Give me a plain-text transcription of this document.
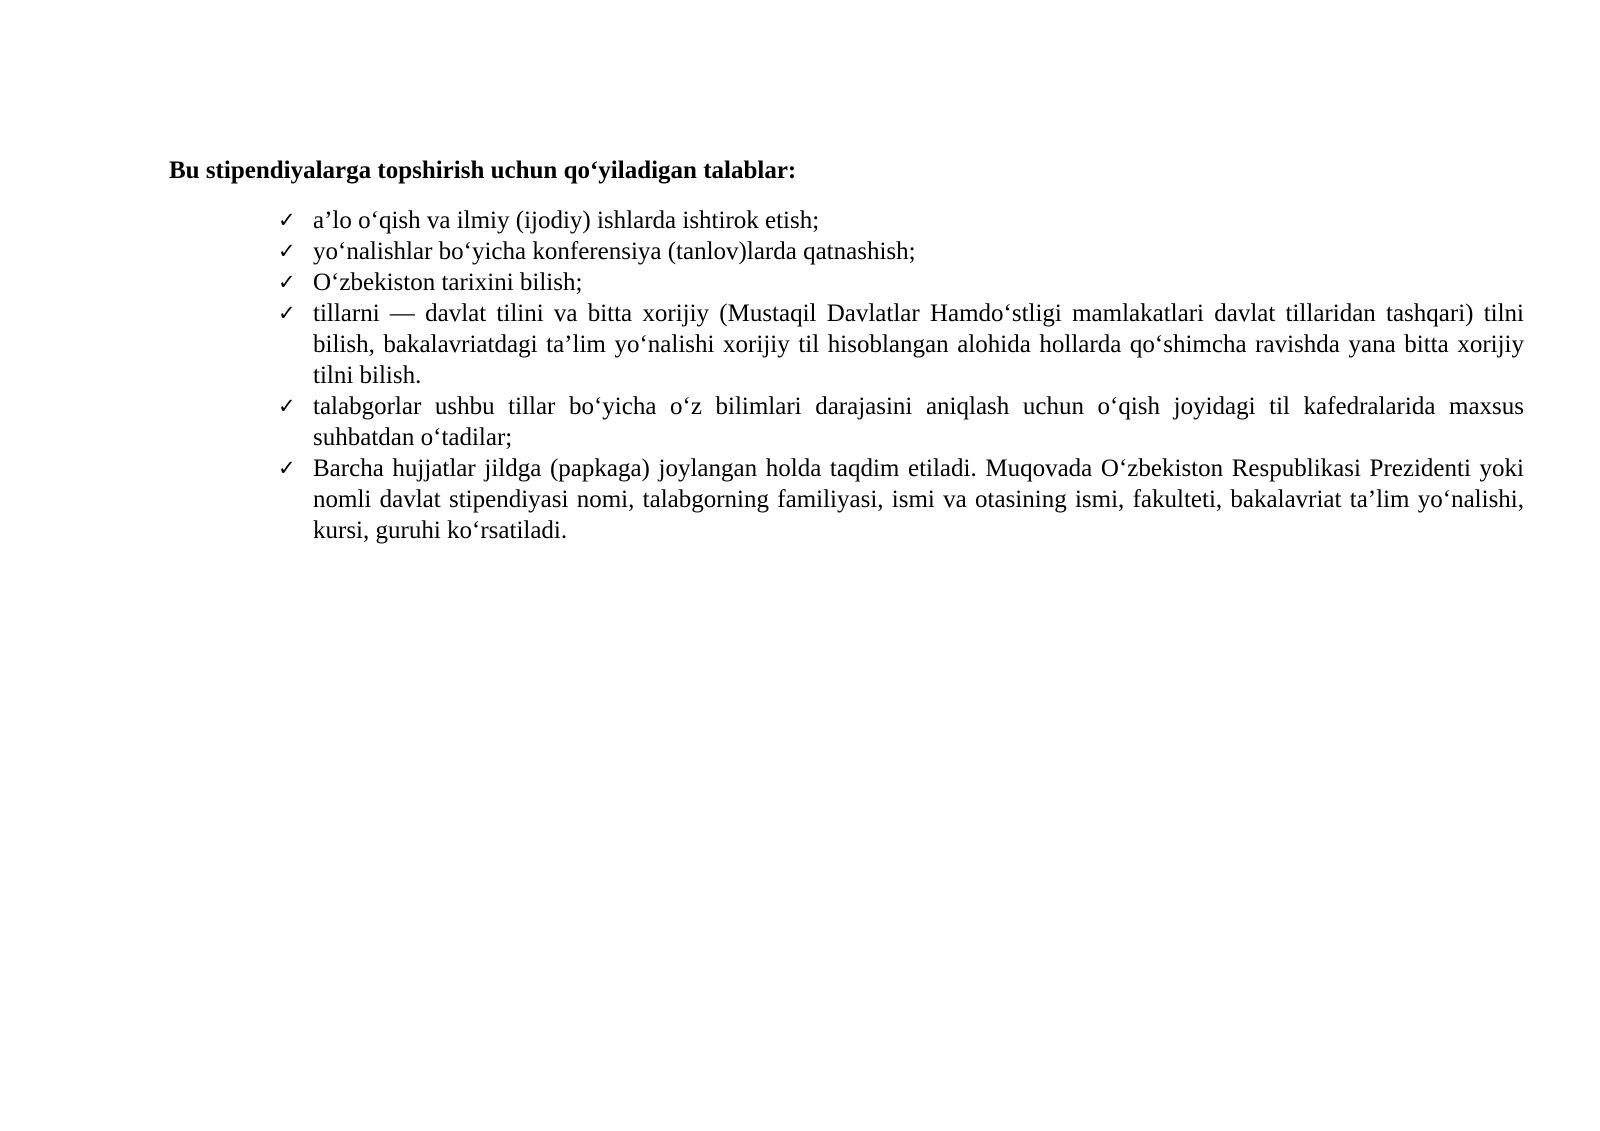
Bu stipendiyalarga topshirish uchun qo‘yiladigan talablar:
✓ a’lo o‘qish va ilmiy (ijodiy) ishlarda ishtirok etish;
✓ yo‘nalishlar bo‘yicha konferensiya (tanlov)larda qatnashish;
✓ O‘zbekiston tarixini bilish;
✓ tillarni — davlat tilini va bitta xorijiy (Mustaqil Davlatlar Hamdo‘stligi mamlakatlari davlat tillaridan tashqari) tilni bilish, bakalavriatdagi ta’lim yo‘nalishi xorijiy til hisoblangan alohida hollarda qo‘shimcha ravishda yana bitta xorijiy tilni bilish.
✓ talabgorlar ushbu tillar bo‘yicha o‘z bilimlari darajasini aniqlash uchun o‘qish joyidagi til kafedralarida maxsus suhbatdan o‘tadilar;
✓ Barcha hujjatlar jildga (papkaga) joylangan holda taqdim etiladi. Muqovada O‘zbekiston Respublikasi Prezidenti yoki nomli davlat stipendiyasi nomi, talabgorning familiyasi, ismi va otasining ismi, fakulteti, bakalavriat ta’lim yo‘nalishi, kursi, guruhi ko‘rsatiladi.
